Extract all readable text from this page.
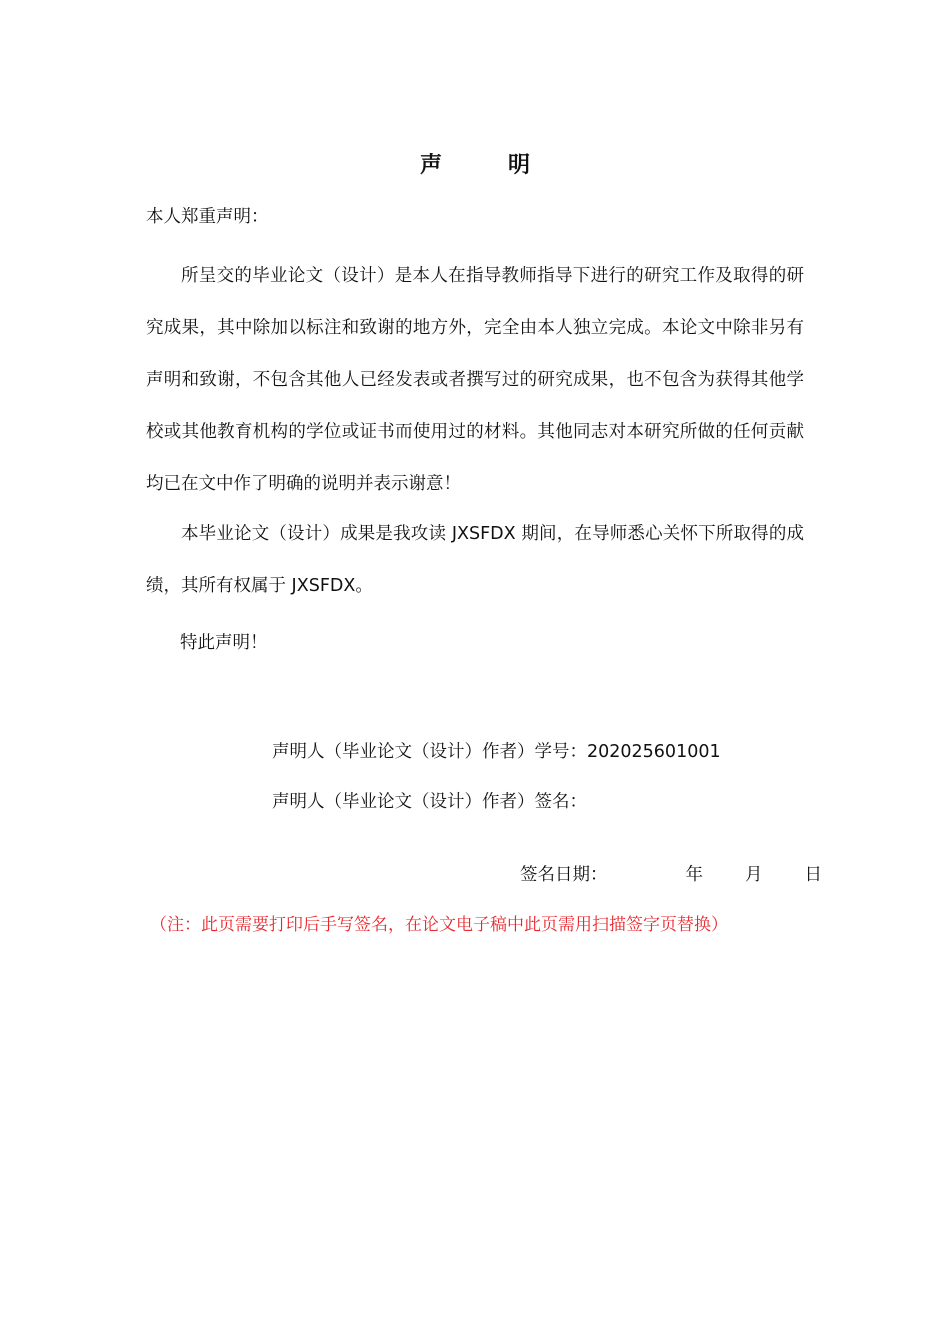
声	明
本人郑重声明：
所呈交的毕业论文（设计）是本人在指导教师指导下进行的研究工作及取得的研究成果，其中除加以标注和致谢的地方外，完全由本人独立完成。本论文中除非另有声明和致谢，不包含其他人已经发表或者撰写过的研究成果，也不包含为获得其他学校或其他教育机构的学位或证书而使用过的材料。其他同志对本研究所做的任何贡献均已在文中作了明确的说明并表示谢意！
本毕业论文（设计）成果是我攻读 JXSFDX 期间，在导师悉心关怀下所取得的成绩，其所有权属于 JXSFDX。
特此声明！
声明人（毕业论文（设计）作者）学号：202025601001
声明人（毕业论文（设计）作者）签名：
签名日期：	年 月 日
（注：此页需要打印后手写签名，在论文电子稿中此页需用扫描签字页替换）
